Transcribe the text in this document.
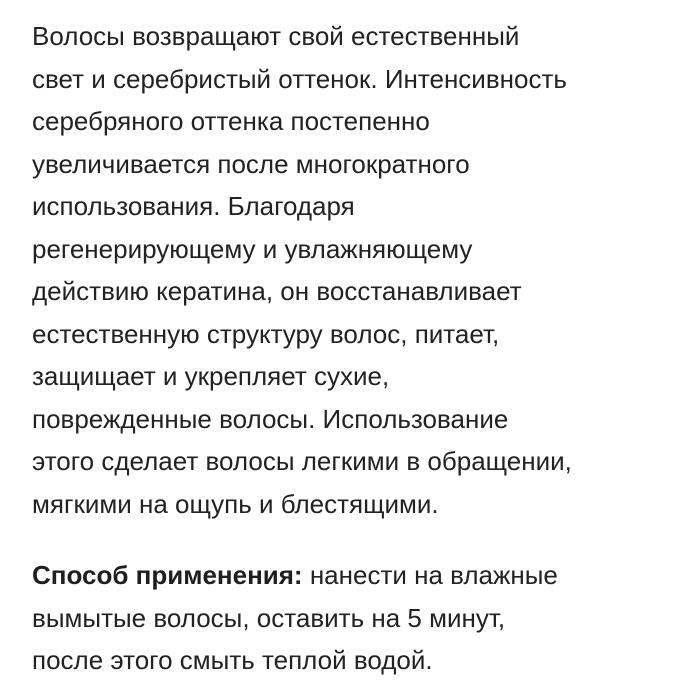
Волосы возвращают свой естественный
свет и серебристый оттенок. Интенсивность
серебряного оттенка постепенно
увеличивается после многократного
использования. Благодаря
регенерирующему и увлажняющему
действию кератина, он восстанавливает
естественную структуру волос, питает,
защищает и укрепляет сухие,
поврежденные волосы. Использование
этого сделает волосы легкими в обращении,
мягкими на ощупь и блестящими.
Способ применения: нанести на влажные
вымытые волосы, оставить на 5 минут,
после этого смыть теплой водой.
